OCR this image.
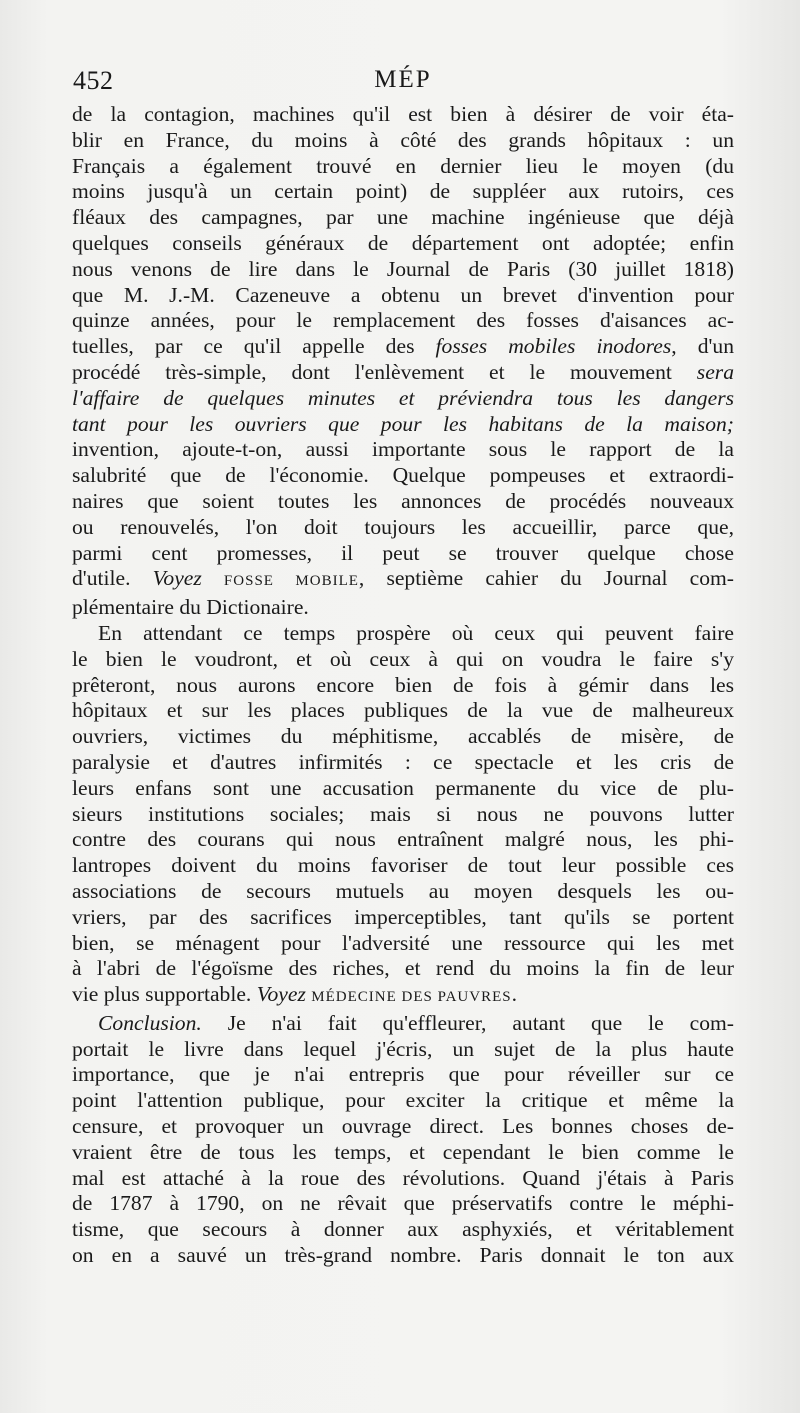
452	MÉP

de la contagion, machines qu'il est bien à désirer de voir éta-
blir en France, du moins à côté des grands hôpitaux : un
Français a également trouvé en dernier lieu le moyen (du
moins jusqu'à un certain point) de suppléer aux rutoirs, ces
fléaux des campagnes, par une machine ingénieuse que déjà
quelques conseils généraux de département ont adoptée; enfin
nous venons de lire dans le Journal de Paris (30 juillet 1818)
que M. J.-M. Cazeneuve a obtenu un brevet d'invention pour
quinze années, pour le remplacement des fosses d'aisances ac-
tuelles, par ce qu'il appelle des fosses mobiles inodores, d'un
procédé très-simple, dont l'enlèvement et le mouvement sera
l'affaire de quelques minutes et préviendra tous les dangers
tant pour les ouvriers que pour les habitans de la maison;
invention, ajoute-t-on, aussi importante sous le rapport de la
salubrité que de l'économie. Quelque pompeuses et extraordi-
naires que soient toutes les annonces de procédés nouveaux
ou renouvelés, l'on doit toujours les accueillir, parce que,
parmi cent promesses, il peut se trouver quelque chose
d'utile. Voyez FOSSE MOBILE, septième cahier du Journal com-
plémentaire du Dictionaire.

En attendant ce temps prospère où ceux qui peuvent faire
le bien le voudront, et où ceux à qui on voudra le faire s'y
prêteront, nous aurons encore bien de fois à gémir dans les
hôpitaux et sur les places publiques de la vue de malheureux
ouvriers, victimes du méphitisme, accablés de misère, de
paralysie et d'autres infirmités : ce spectacle et les cris de
leurs enfans sont une accusation permanente du vice de plu-
sieurs institutions sociales; mais si nous ne pouvons lutter
contre des courans qui nous entraînent malgré nous, les phi-
lantropes doivent du moins favoriser de tout leur possible ces
associations de secours mutuels au moyen desquels les ou-
vriers, par des sacrifices imperceptibles, tant qu'ils se portent
bien, se ménagent pour l'adversité une ressource qui les met
à l'abri de l'égoïsme des riches, et rend du moins la fin de leur
vie plus supportable. Voyez MÉDECINE DES PAUVRES.

Conclusion. Je n'ai fait qu'effleurer, autant que le com-
portait le livre dans lequel j'écris, un sujet de la plus haute
importance, que je n'ai entrepris que pour réveiller sur ce
point l'attention publique, pour exciter la critique et même la
censure, et provoquer un ouvrage direct. Les bonnes choses de-
vraient être de tous les temps, et cependant le bien comme le
mal est attaché à la roue des révolutions. Quand j'étais à Paris
de 1787 à 1790, on ne rêvait que préservatifs contre le méphi-
tisme, que secours à donner aux asphyxiés, et véritablement
on en a sauvé un très-grand nombre. Paris donnait le ton aux
